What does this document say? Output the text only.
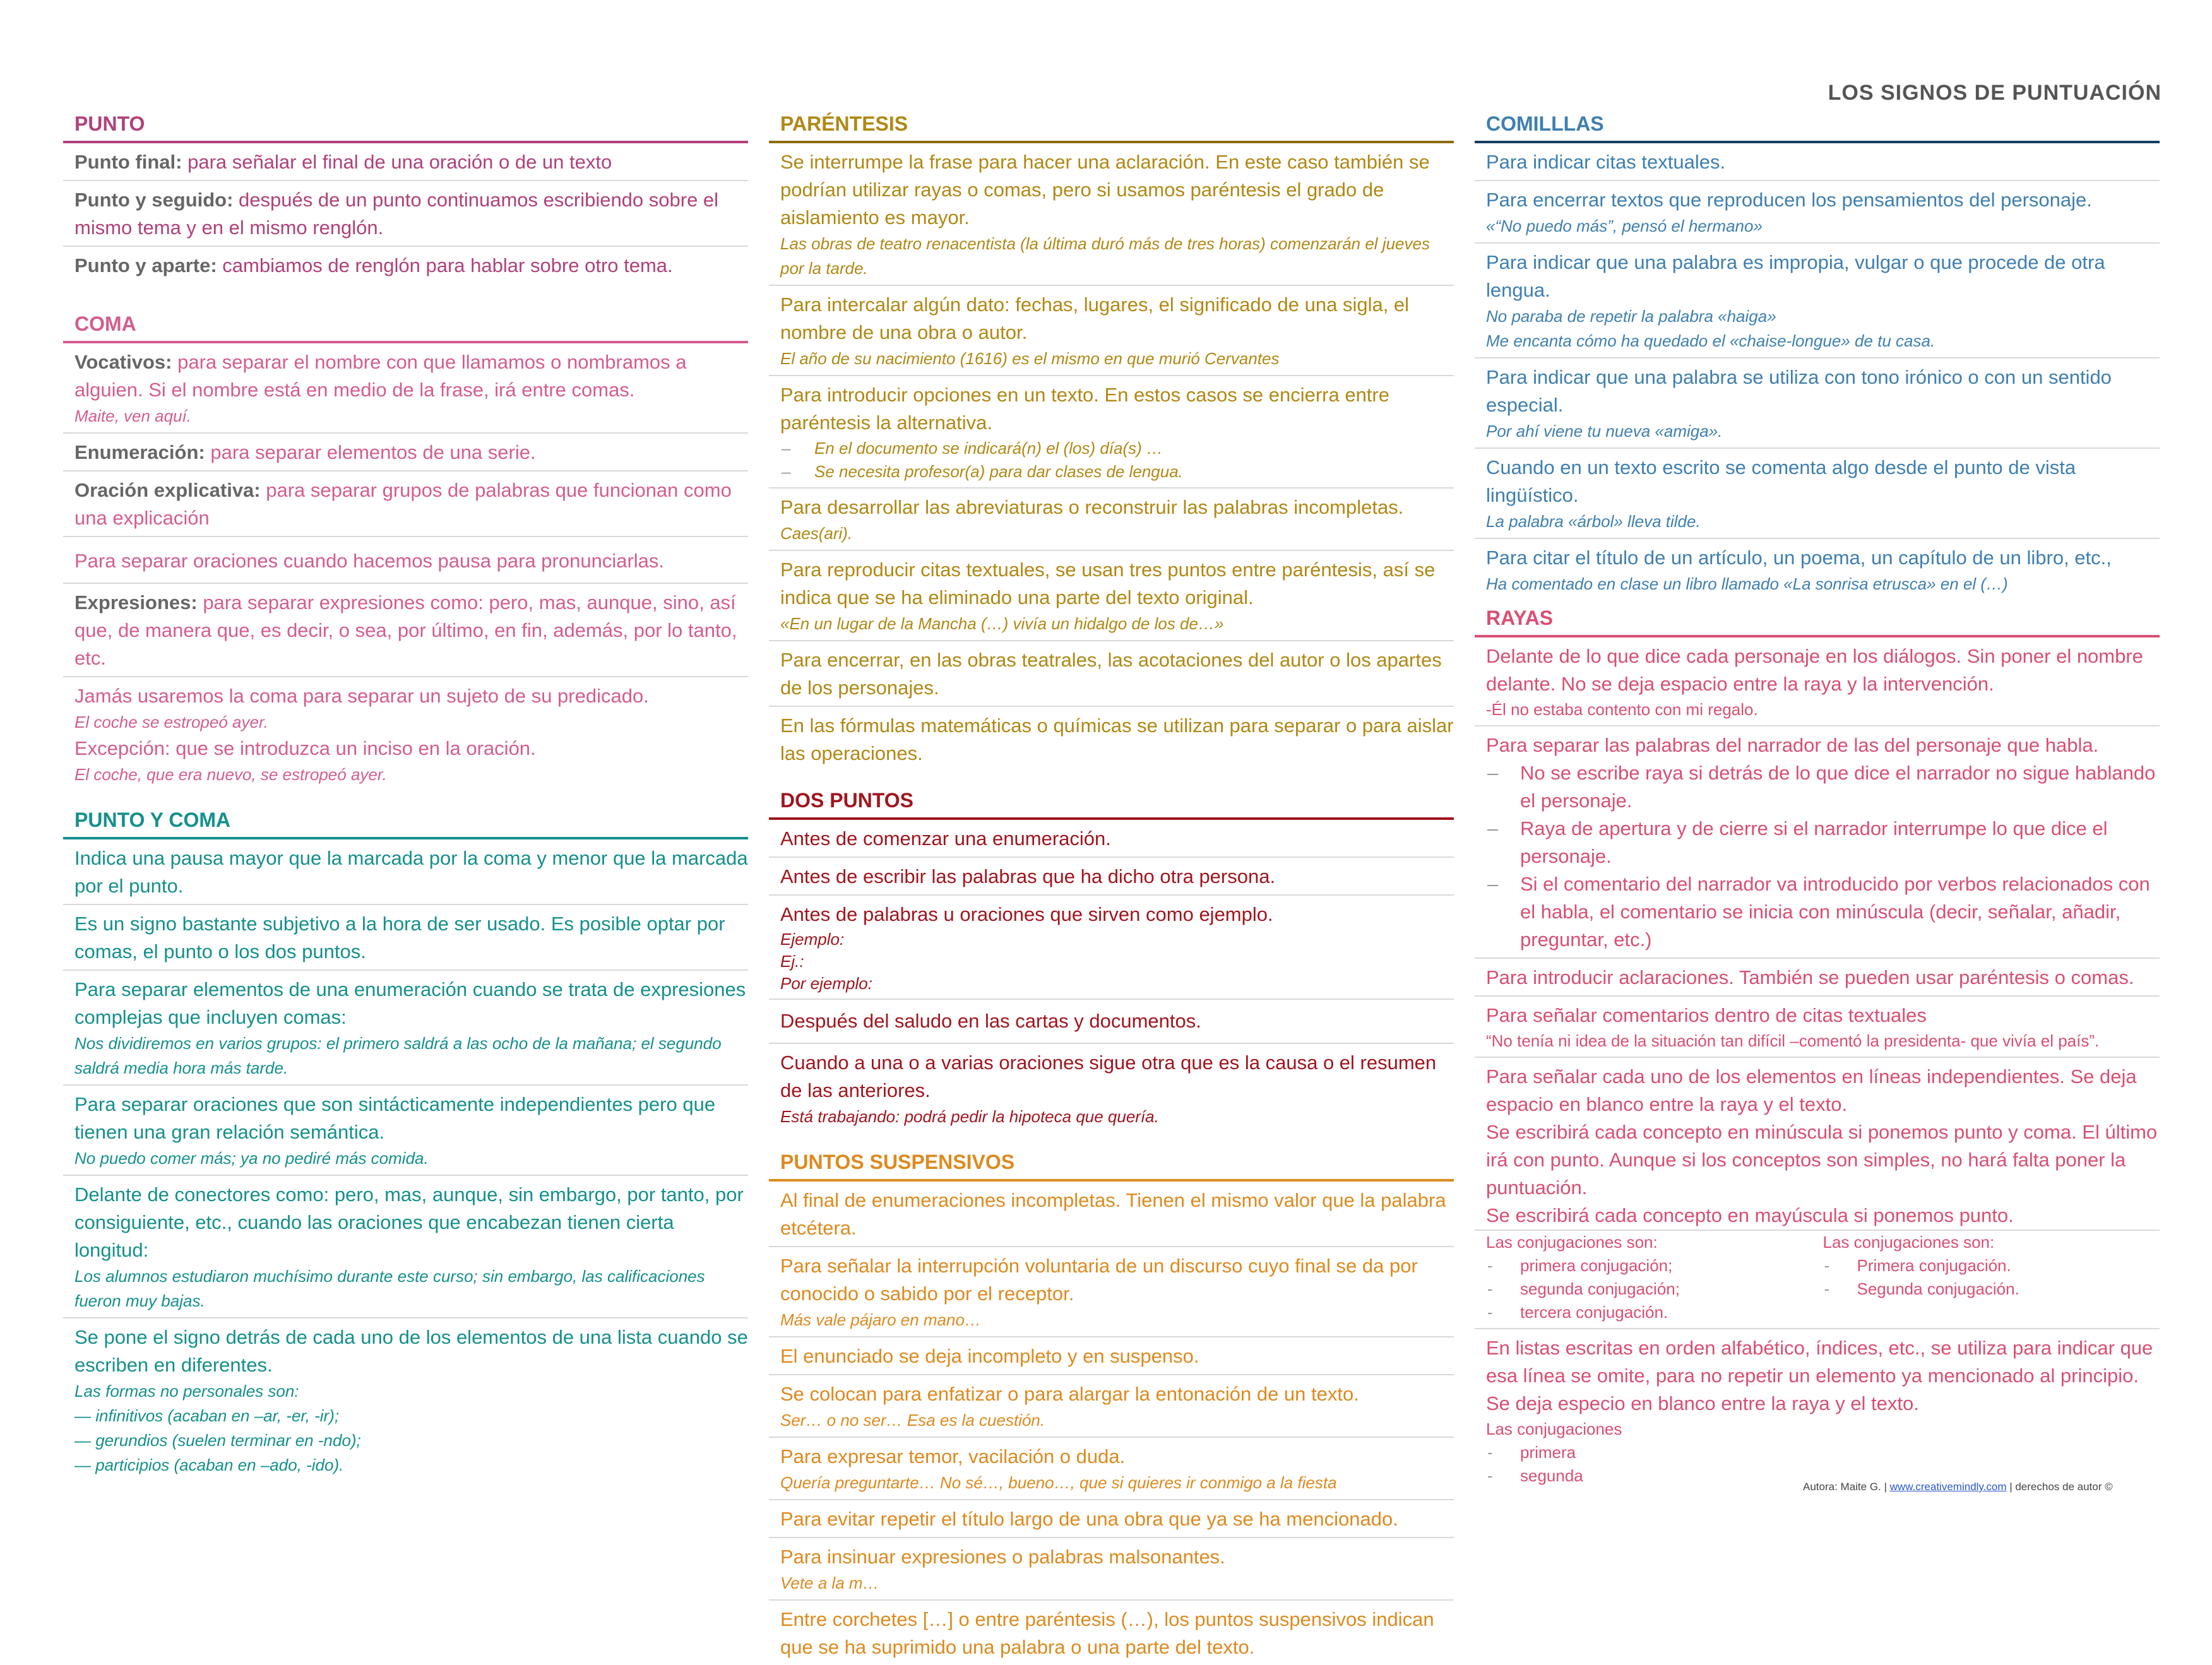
LOS SIGNOS DE PUNTUACIÓN
PUNTO
Punto final: para señalar el final de una oración o de un texto
Punto y seguido: después de un punto continuamos escribiendo sobre el mismo tema y en el mismo renglón.
Punto y aparte: cambiamos de renglón para hablar sobre otro tema.
COMA
Vocativos: para separar el nombre con que llamamos o nombramos a alguien. Si el nombre está en medio de la frase, irá entre comas.
Maite, ven aquí.
Enumeración: para separar elementos de una serie.
Oración explicativa: para separar grupos de palabras que funcionan como una explicación
Para separar oraciones cuando hacemos pausa para pronunciarlas.
Expresiones: para separar expresiones como: pero, mas, aunque, sino, así que, de manera que, es decir, o sea, por último, en fin, además, por lo tanto, etc.
Jamás usaremos la coma para separar un sujeto de su predicado.
El coche se estropeó ayer.
Excepción: que se introduzca un inciso en la oración.
El coche, que era nuevo, se estropeó ayer.
PUNTO Y COMA
Indica una pausa mayor que la marcada por la coma y menor que la marcada por el punto.
Es un signo bastante subjetivo a la hora de ser usado. Es posible optar por comas, el punto o los dos puntos.
Para separar elementos de una enumeración cuando se trata de expresiones complejas que incluyen comas:
Nos dividiremos en varios grupos: el primero saldrá a las ocho de la mañana; el segundo saldrá media hora más tarde.
Para separar oraciones que son sintácticamente independientes pero que tienen una gran relación semántica.
No puedo comer más; ya no pediré más comida.
Delante de conectores como: pero, mas, aunque, sin embargo, por tanto, por consiguiente, etc., cuando las oraciones que encabezan tienen cierta longitud:
Los alumnos estudiaron muchísimo durante este curso; sin embargo, las calificaciones fueron muy bajas.
Se pone el signo detrás de cada uno de los elementos de una lista cuando se escriben en diferentes.
Las formas no personales son:
— infinitivos (acaban en –ar, -er, -ir);
— gerundios (suelen terminar en -ndo);
— participios (acaban en –ado, -ido).
PARÉNTESIS
Se interrumpe la frase para hacer una aclaración. En este caso también se podrían utilizar rayas o comas, pero si usamos paréntesis el grado de aislamiento es mayor.
Las obras de teatro renacentista (la última duró más de tres horas) comenzarán el jueves por la tarde.
Para intercalar algún dato: fechas, lugares, el significado de una sigla, el nombre de una obra o autor.
El año de su nacimiento (1616) es el mismo en que murió Cervantes
Para introducir opciones en un texto. En estos casos se encierra entre paréntesis la alternativa.
– En el documento se indicará(n) el (los) día(s) …
– Se necesita profesor(a) para dar clases de lengua.
Para desarrollar las abreviaturas o reconstruir las palabras incompletas.
Caes(ari).
Para reproducir citas textuales, se usan tres puntos entre paréntesis, así se indica que se ha eliminado una parte del texto original.
«En un lugar de la Mancha (…) vivía un hidalgo de los de…»
Para encerrar, en las obras teatrales, las acotaciones del autor o los apartes de los personajes.
En las fórmulas matemáticas o químicas se utilizan para separar o para aislar las operaciones.
DOS PUNTOS
Antes de comenzar una enumeración.
Antes de escribir las palabras que ha dicho otra persona.
Antes de palabras u oraciones que sirven como ejemplo.
Ejemplo:
Ej.:
Por ejemplo:
Después del saludo en las cartas y documentos.
Cuando a una o a varias oraciones sigue otra que es la causa o el resumen de las anteriores.
Está trabajando: podrá pedir la hipoteca que quería.
PUNTOS SUSPENSIVOS
Al final de enumeraciones incompletas. Tienen el mismo valor que la palabra etcétera.
Para señalar la interrupción voluntaria de un discurso cuyo final se da por conocido o sabido por el receptor.
Más vale pájaro en mano…
El enunciado se deja incompleto y en suspenso.
Se colocan para enfatizar o para alargar la entonación de un texto.
Ser… o no ser… Esa es la cuestión.
Para expresar temor, vacilación o duda.
Quería preguntarte… No sé…, bueno…, que si quieres ir conmigo a la fiesta
Para evitar repetir el título largo de una obra que ya se ha mencionado.
Para insinuar expresiones o palabras malsonantes.
Vete a la m…
Entre corchetes […] o entre paréntesis (…), los puntos suspensivos indican que se ha suprimido una palabra o una parte del texto.
COMILLLAS
Para indicar citas textuales.
Para encerrar textos que reproducen los pensamientos del personaje.
«“No puedo más”, pensó el hermano»
Para indicar que una palabra es impropia, vulgar o que procede de otra lengua.
No paraba de repetir la palabra «haiga»
Me encanta cómo ha quedado el «chaise-longue» de tu casa.
Para indicar que una palabra se utiliza con tono irónico o con un sentido especial.
Por ahí viene tu nueva «amiga».
Cuando en un texto escrito se comenta algo desde el punto de vista lingüístico.
La palabra «árbol» lleva tilde.
Para citar el título de un artículo, un poema, un capítulo de un libro, etc.,
Ha comentado en clase un libro llamado «La sonrisa etrusca» en el (…)
RAYAS
Delante de lo que dice cada personaje en los diálogos. Sin poner el nombre delante. No se deja espacio entre la raya y la intervención.
-Él no estaba contento con mi regalo.
Para separar las palabras del narrador de las del personaje que habla.
– No se escribe raya si detrás de lo que dice el narrador no sigue hablando el personaje.
– Raya de apertura y de cierre si el narrador interrumpe lo que dice el personaje.
– Si el comentario del narrador va introducido por verbos relacionados con el habla, el comentario se inicia con minúscula (decir, señalar, añadir, preguntar, etc.)
Para introducir aclaraciones. También se pueden usar paréntesis o comas.
Para señalar comentarios dentro de citas textuales
“No tenía ni idea de la situación tan difícil –comentó la presidenta- que vivía el país”.
Para señalar cada uno de los elementos en líneas independientes. Se deja espacio en blanco entre la raya y el texto.
Se escribirá cada concepto en minúscula si ponemos punto y coma. El último irá con punto. Aunque si los conceptos son simples, no hará falta poner la puntuación.
Se escribirá cada concepto en mayúscula si ponemos punto.
Las conjugaciones son:
- primera conjugación;
- segunda conjugación;
- tercera conjugación.
Las conjugaciones son:
- Primera conjugación.
- Segunda conjugación.
En listas escritas en orden alfabético, índices, etc., se utiliza para indicar que esa línea se omite, para no repetir un elemento ya mencionado al principio. Se deja especio en blanco entre la raya y el texto.
Las conjugaciones
- primera
- segunda
Autora: Maite G. | www.creativemindly.com | derechos de autor ©
